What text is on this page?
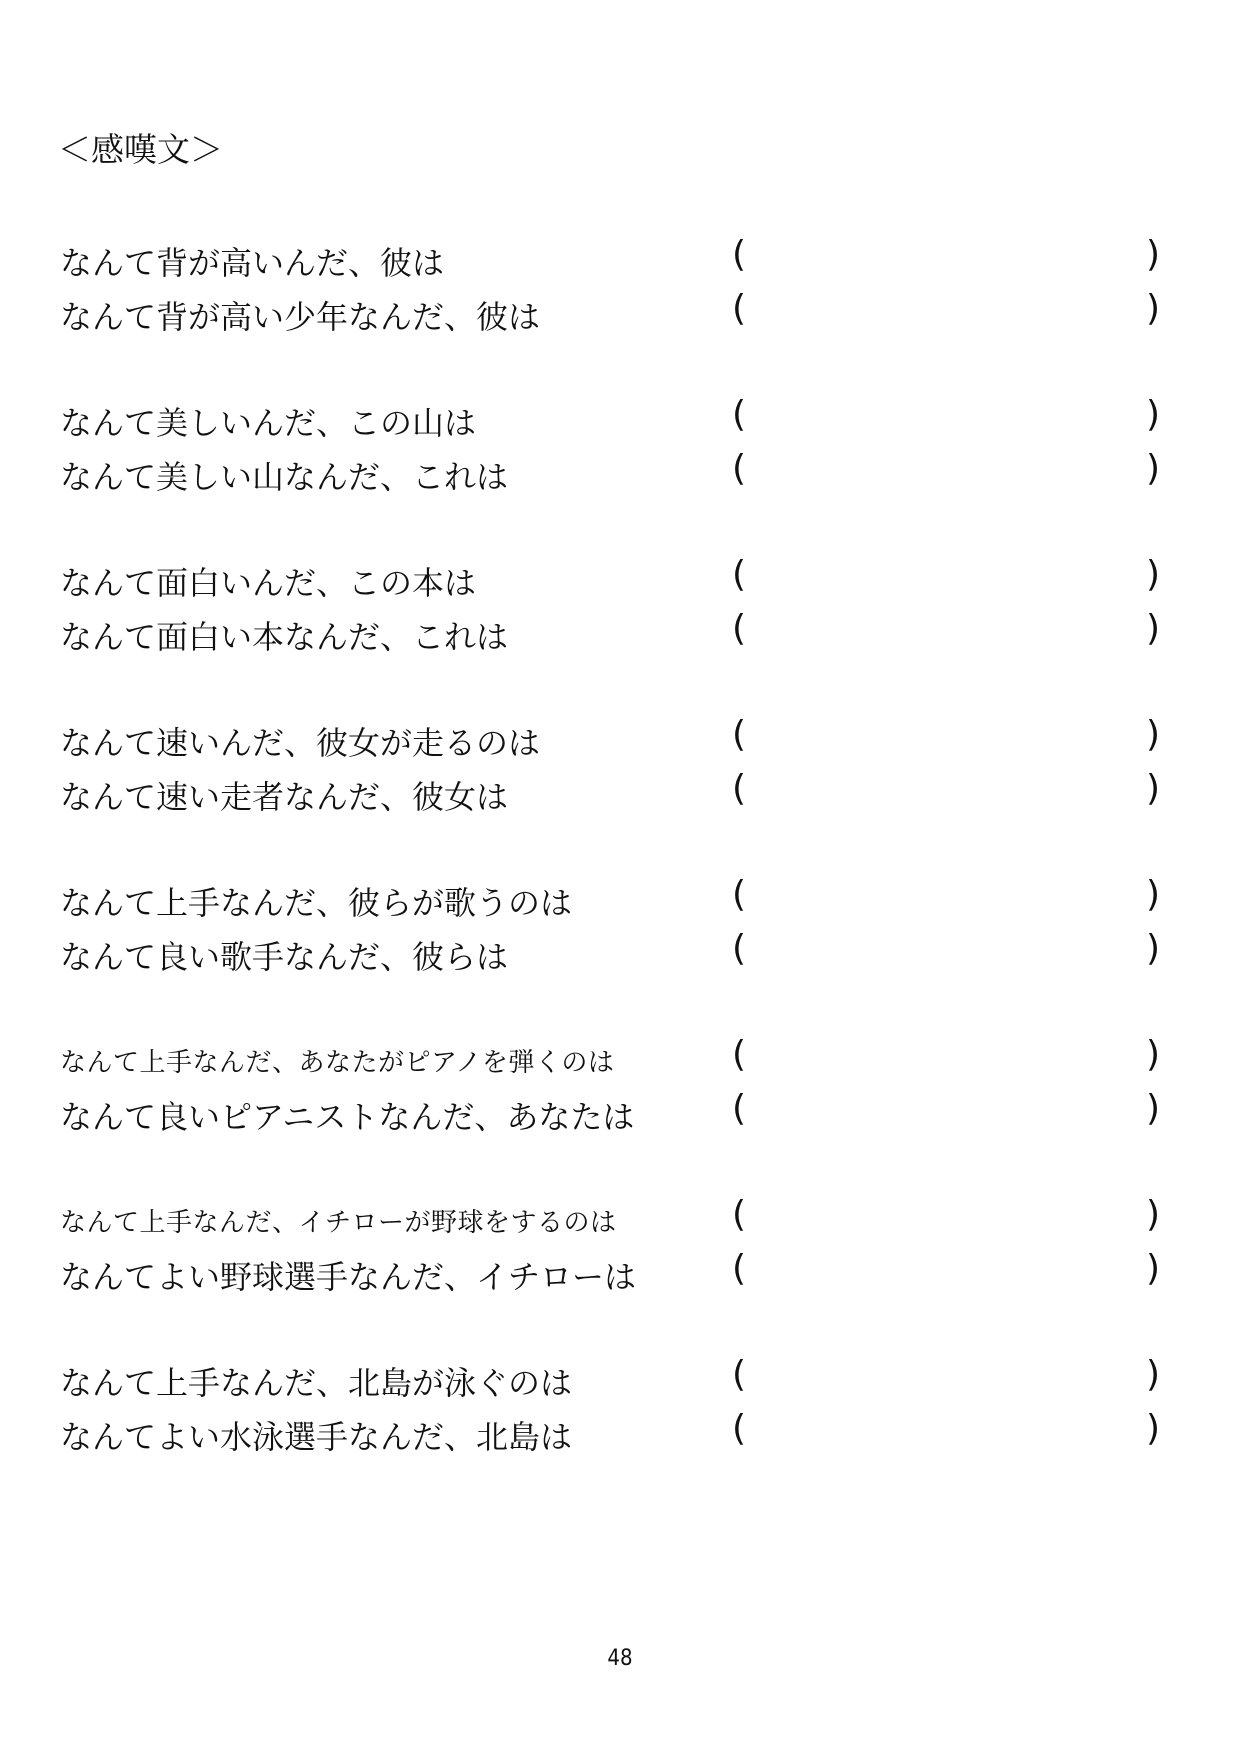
＜感嘆文＞
なんて背が高いんだ、彼は	(	)
なんて背が高い少年なんだ、彼は	(	)
なんて美しいんだ、この山は	(	)
なんて美しい山なんだ、これは	(	)
なんて面白いんだ、この本は	(	)
なんて面白い本なんだ、これは	(	)
なんて速いんだ、彼女が走るのは	(	)
なんて速い走者なんだ、彼女は	(	)
なんて上手なんだ、彼らが歌うのは	(	)
なんて良い歌手なんだ、彼らは	(	)
なんて上手なんだ、あなたがピアノを弾くのは	(	)
なんて良いピアニストなんだ、あなたは	(	)
なんて上手なんだ、イチローが野球をするのは	(	)
なんてよい野球選手なんだ、イチローは	(	)
なんて上手なんだ、北島が泳ぐのは	(	)
なんてよい水泳選手なんだ、北島は	(	)
48
